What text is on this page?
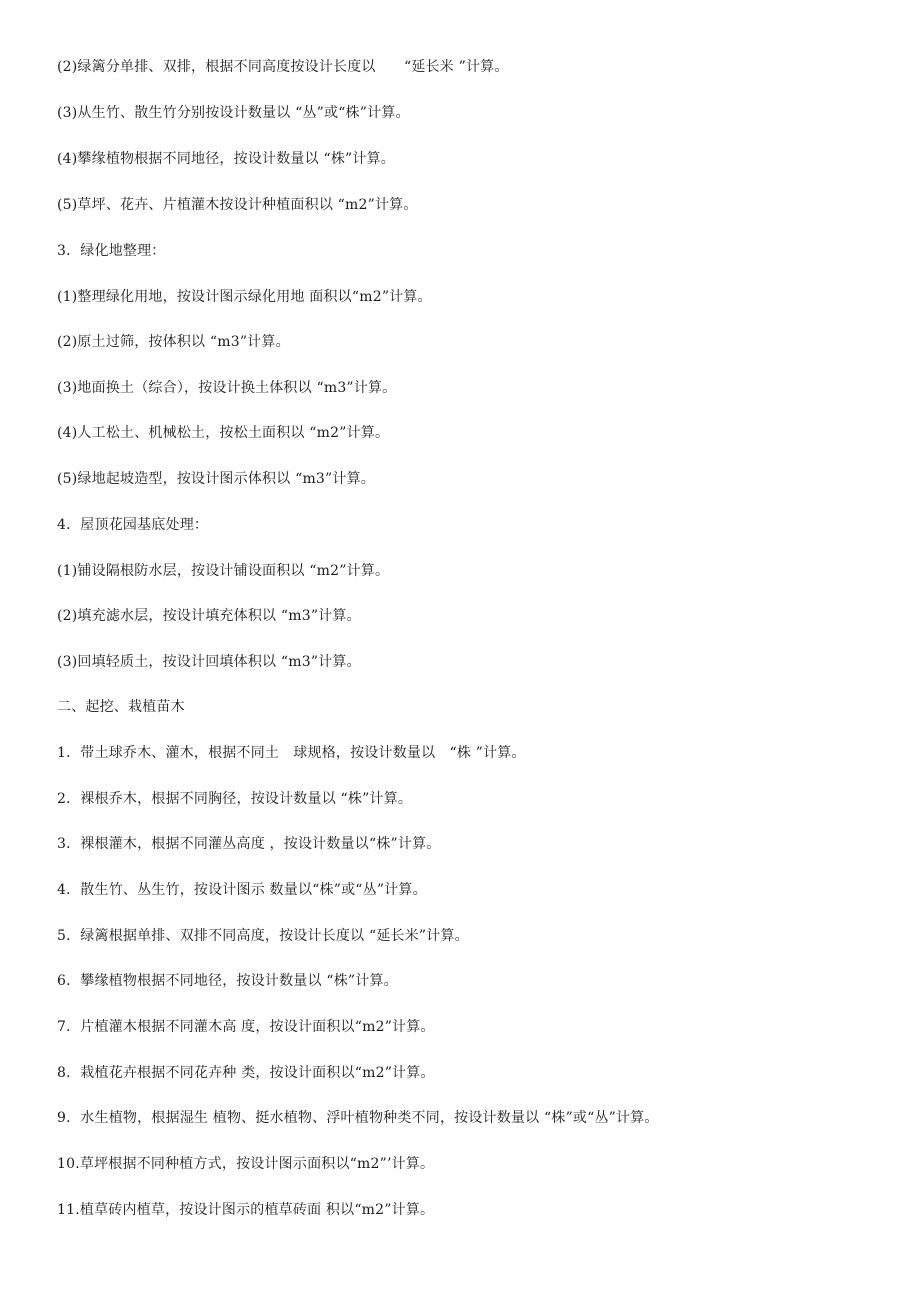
(2)绿篱分单排、双排，根据不同高度按设计长度以　　“延长米 ”计算。
(3)从生竹、散生竹分别按设计数量以 “丛”或“株”计算。
(4)攀缘植物根据不同地径，按设计数量以 “株”计算。
(5)草坪、花卉、片植灌木按设计种植面积以 “m2”计算。
3．绿化地整理：
(1)整理绿化用地，按设计图示绿化用地 面积以“m2”计算。
(2)原土过筛，按体积以 “m3”计算。
(3)地面换土（综合），按设计换土体积以 “m3”计算。
(4)人工松土、机械松土，按松土面积以 “m2”计算。
(5)绿地起坡造型，按设计图示体积以 “m3”计算。
4．屋顶花园基底处理：
(1)铺设隔根防水层，按设计铺设面积以 “m2”计算。
(2)填充滤水层，按设计填充体积以 “m3”计算。
(3)回填轻质土，按设计回填体积以 “m3”计算。
二、起挖、栽植苗木
1．带土球乔木、灌木，根据不同土　球规格，按设计数量以　“株 ”计算。
2．裸根乔木，根据不同胸径，按设计数量以 “株”计算。
3．裸根灌木，根据不同灌丛高度 ，按设计数量以“株”计算。
4．散生竹、丛生竹，按设计图示 数量以“株”或“丛”计算。
5．绿篱根据单排、双排不同高度，按设计长度以 “延长米”计算。
6．攀缘植物根据不同地径，按设计数量以 “株”计算。
7．片植灌木根据不同灌木高 度，按设计面积以“m2”计算。
8．栽植花卉根据不同花卉种 类，按设计面积以“m2”计算。
9．水生植物，根据湿生 植物、挺水植物、浮叶植物种类不同，按设计数量以 “株”或“丛”计算。
10.草坪根据不同种植方式，按设计图示面积以“m2”’计算。
11.植草砖内植草，按设计图示的植草砖面 积以“m2”计算。
